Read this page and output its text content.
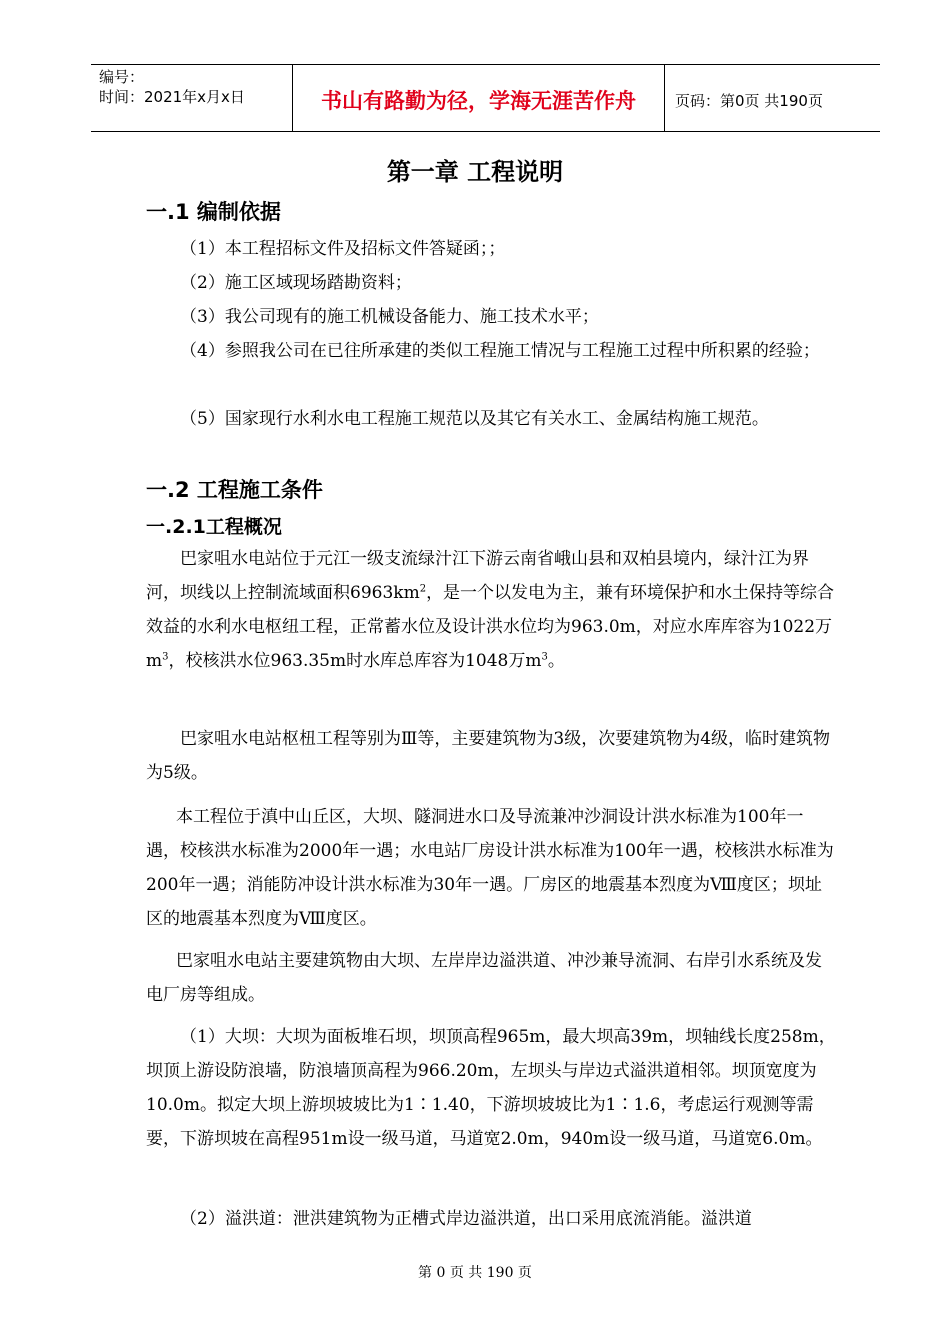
编号：
时间：2021年x月x日	书山有路勤为径，学海无涯苦作舟	页码：第0页 共190页
第一章 工程说明
一.1 编制依据

（1）本工程招标文件及招标文件答疑函；；

（2）施工区域现场踏勘资料；

（3）我公司现有的施工机械设备能力、施工技术水平；

（4）参照我公司在已往所承建的类似工程施工情况与工程施工过程中所积累的经验；

（5）国家现行水利水电工程施工规范以及其它有关水工、金属结构施工规范。

一.2 工程施工条件
一.2.1工程概况

巴家咀水电站位于元江一级支流绿汁江下游云南省峨山县和双柏县境内，绿汁江为界河，坝线以上控制流域面积$6963km^2$，是一个以发电为主，兼有环境保护和水土保持等综合效益的水利水电枢纽工程，正常蓄水位及设计洪水位均为963.0m，对应水库库容为1022万$m^3$，校核洪水位963.35m时水库总库容为1048万$m^3$。

巴家咀水电站枢杻工程等别为Ⅲ等，主要建筑物为3级，次要建筑物为4级，临时建筑物为5级。

本工程位于滇中山丘区，大坝、隧洞进水口及导流兼冲沙洞设计洪水标准为100年一遇，校核洪水标准为2000年一遇；水电站厂房设计洪水标准为100年一遇，校核洪水标准为200年一遇；消能防冲设计洪水标准为30年一遇。厂房区的地震基本烈度为Ⅷ度区；坝址区的地震基本烈度为Ⅷ度区。

巴家咀水电站主要建筑物由大坝、左岸岸边溢洪道、冲沙兼导流洞、右岸引水系统及发电厂房等组成。

（1）大坝：大坝为面板堆石坝，坝顶高程965m，最大坝高39m，坝轴线长度258m，坝顶上游设防浪墙，防浪墙顶高程为966.20m，左坝头与岸边式溢洪道相邻。坝顶宽度为10.0m。拟定大坝上游坝坡坡比为1∶1.40，下游坝坡坡比为1∶1.6，考虑运行观测等需要，下游坝坡在高程951m设一级马道，马道宽2.0m，940m设一级马道，马道宽6.0m。

（2）溢洪道：泄洪建筑物为正槽式岸边溢洪道，出口采用底流消能。溢洪道

第 0 页 共 190 页
